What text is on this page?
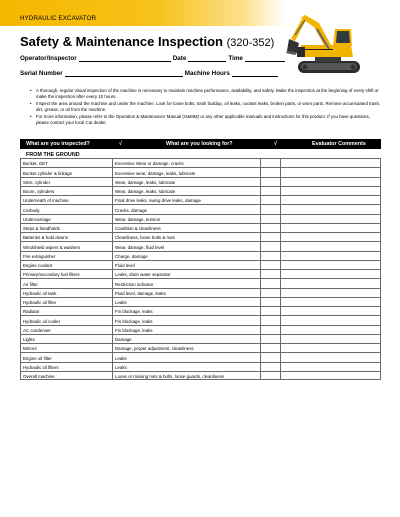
HYDRAULIC EXCAVATOR
Safety & Maintenance Inspection (320-352)
Operator/Inspector	Date	Time
Serial Number	Machine Hours
• A thorough, regular visual inspection of the machine is necessary to maintain machine performance, availability, and safety. Make the inspection at the beginning of every shift or make the inspection after every 10 hours.
• Inspect the area around the machine and under the machine. Look for loose bolts, trash buildup, oil leaks, coolant leaks, broken parts, or worn parts. Remove accumulated trash, dirt, grease, or oil from the machine.
• For more information, please refer to the Operation & Maintenance Manual (O&MM) or any other applicable manuals and instructions for this product. If you have questions, please contact your local Cat dealer.
What are you inspected?	√	What are you looking for?	√	Evaluator Comments
FROM THE GROUND
Bucket, GET	Excessive Wear or damage, cracks
Bucket cylinder & linkage	Excessive wear, damage, leaks, lubricate
Stick, cylinder	Wear, damage, leaks, lubricate
Boom, cylinders	Wear, damage, leaks, lubricate
Underneath of machine	Final drive leaks, swing drive leaks, damage
Carbody	Cracks, damage
Undercarriage	Wear, damage, tension
Steps & handholds	Condition & cleanliness
Batteries & hold downs	Cleanliness, loose bolts & nuts
Windshield wipers & washers	Wear, damage, fluid level
Fire extinguisher	Charge, damage
Engine coolant	Fluid level
Primary/secondary fuel filters	Leaks, drain water separator
Air filter	Restriction indicator
Hydraulic oil tank	Fluid level, damage, leaks
Hydraulic oil filter	Leaks
Radiator	Fin blockage, leaks
Hydraulic oil cooler	Fin blockage, leaks
AC condenser	Fin blockage, leaks
Lights	Damage
Mirrors	Damage, proper adjustment, cleanliness
Engine oil filter	Leaks
Hydraulic oil filters	Leaks
Overall machine	Loose or missing nuts & bolts, loose guards, cleanliness
